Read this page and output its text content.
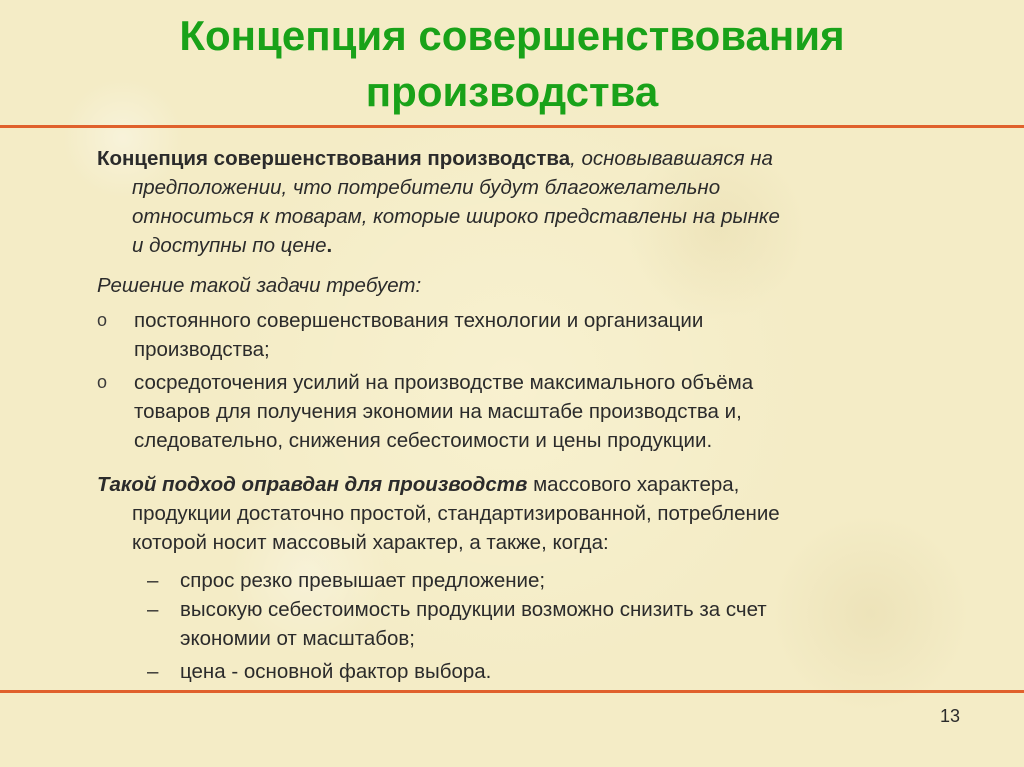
Концепция совершенствования
производства
Концепция совершенствования производства, основывавшаяся на
предположении, что потребители будут благожелательно
относиться к товарам, которые широко представлены на рынке
и доступны по цене.
Решение такой задачи требует:
o	постоянного совершенствования технологии и организации
производства;
o	сосредоточения усилий на производстве максимального объёма
товаров для получения экономии на масштабе производства и,
следовательно, снижения себестоимости и цены продукции.
Такой подход оправдан для производств массового характера,
продукции достаточно простой, стандартизированной, потребление
которой носит массовый характер, а также, когда:
–	спрос резко превышает предложение;
–	высокую себестоимость продукции возможно снизить за счет
экономии от масштабов;
–	цена - основной фактор выбора.
13
